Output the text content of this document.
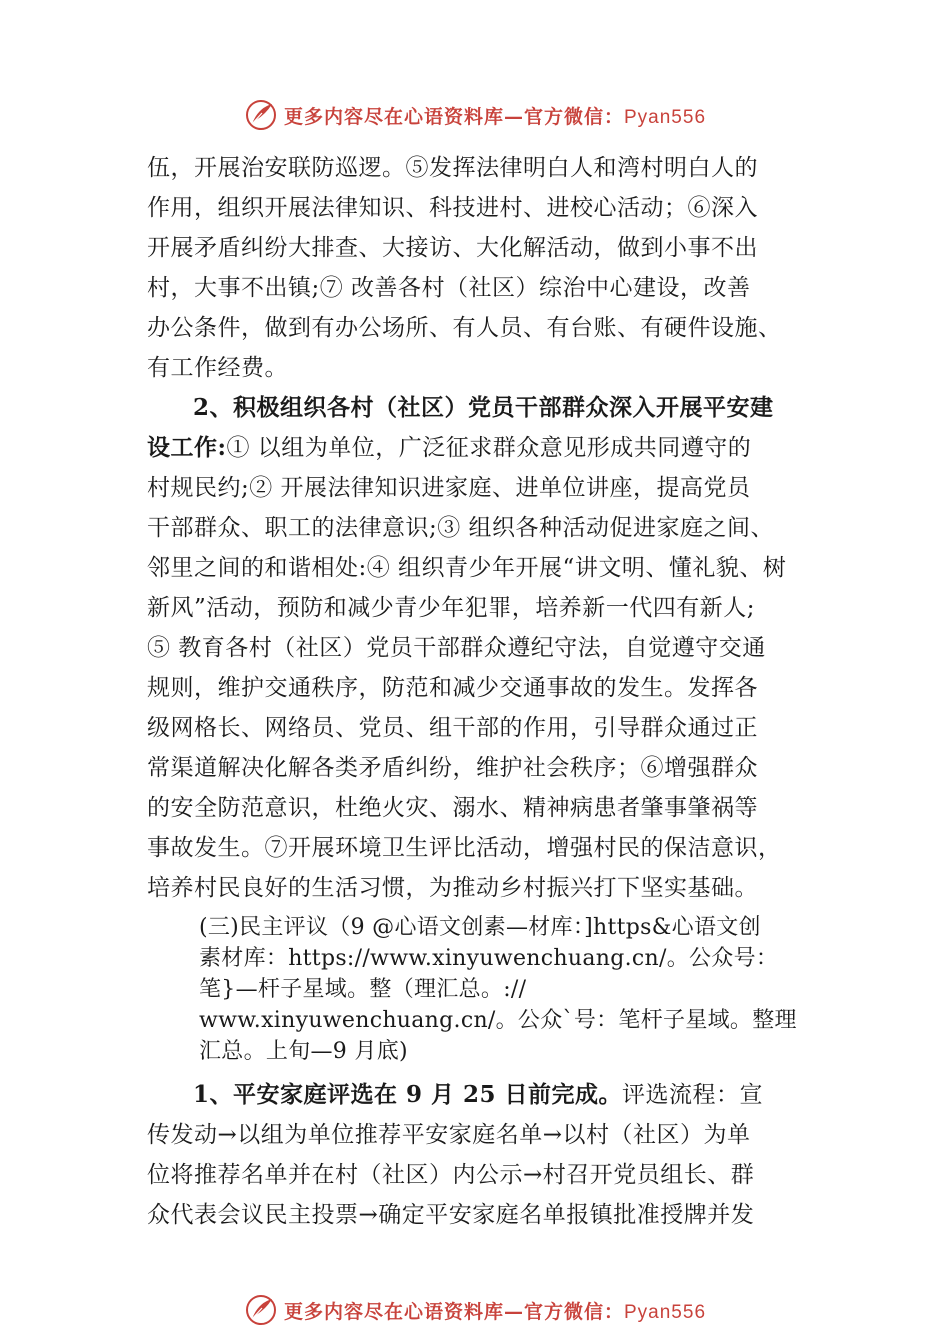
更多内容尽在心语资料库—官方微信：Pyan556
伍，开展治安联防巡逻。⑤发挥法律明白人和湾村明白人的
作用，组织开展法律知识、科技进村、进校心活动；⑥深入
开展矛盾纠纷大排查、大接访、大化解活动，做到小事不出
村，大事不出镇;⑦ 改善各村（社区）综治中心建设，改善
办公条件，做到有办公场所、有人员、有台账、有硬件设施、
有工作经费。
2、积极组织各村（社区）党员干部群众深入开展平安建
设工作:① 以组为单位，广泛征求群众意见形成共同遵守的
村规民约;② 开展法律知识进家庭、进单位讲座，提高党员
干部群众、职工的法律意识;③ 组织各种活动促进家庭之间、
邻里之间的和谐相处:④ 组织青少年开展“讲文明、懂礼貌、树
新风”活动，预防和减少青少年犯罪，培养新一代四有新人;
⑤ 教育各村（社区）党员干部群众遵纪守法，自觉遵守交通
规则，维护交通秩序，防范和减少交通事故的发生。发挥各
级网格长、网络员、党员、组干部的作用，引导群众通过正
常渠道解决化解各类矛盾纠纷，维护社会秩序；⑥增强群众
的安全防范意识，杜绝火灾、溺水、精神病患者肇事肇祸等
事故发生。⑦开展环境卫生评比活动，增强村民的保洁意识，
培养村民良好的生活习惯，为推动乡村振兴打下坚实基础。
(三)民主评议（9 @心语文创素—材库：]https&心语文创
素材库：https://www.xinyuwenchuang.cn/。公众号：
笔}—杆子星域。整（理汇总。://
www.xinyuwenchuang.cn/。公众`号：笔杆子星域。整理
汇总。上旬—9 月底)
1、平安家庭评选在 9 月 25 日前完成。评选流程：宣
传发动→以组为单位推荐平安家庭名单→以村（社区）为单
位将推荐名单并在村（社区）内公示→村召开党员组长、群
众代表会议民主投票→确定平安家庭名单报镇批准授牌并发
更多内容尽在心语资料库—官方微信：Pyan556
